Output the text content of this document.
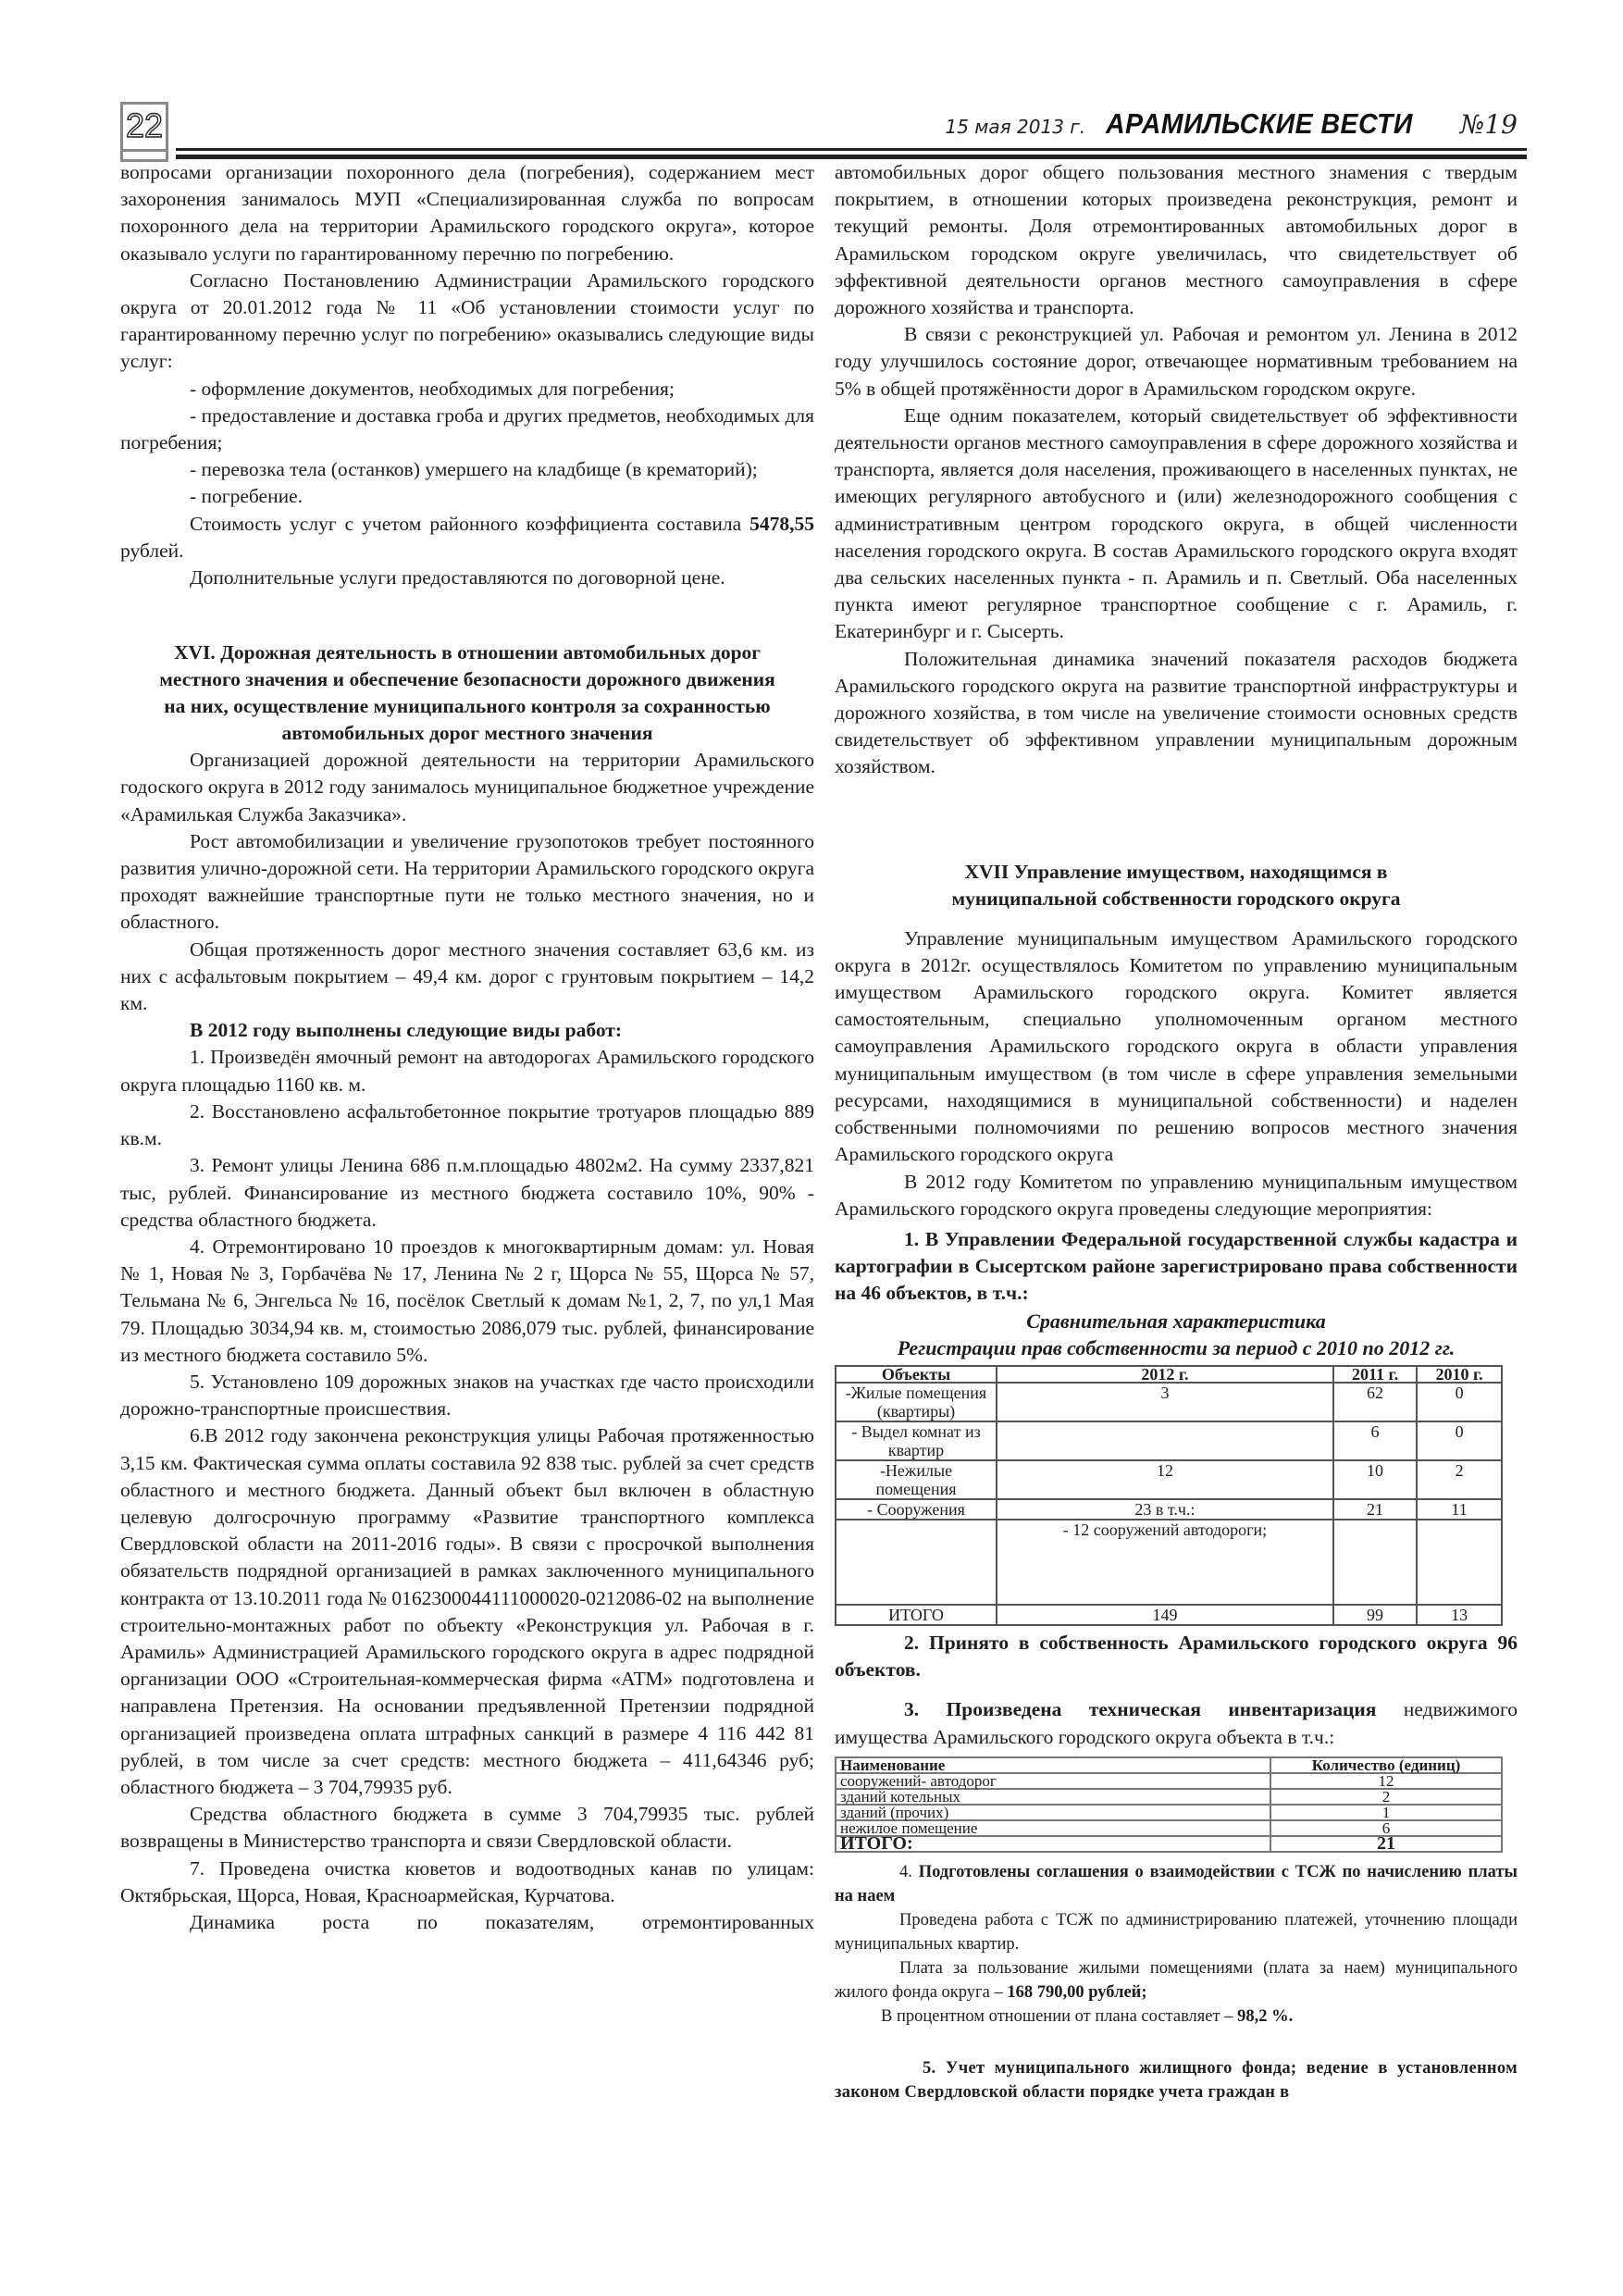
22	15 мая 2013 г. АРАМИЛЬСКИЕ ВЕСТИ №19

вопросами организации похоронного дела (погребения), содержанием мест захоронения занималось МУП «Специализированная служба по вопросам похоронного дела на территории Арамильского городского округа», которое оказывало услуги по гарантированному перечню по погребению.

Согласно Постановлению Администрации Арамильского городского округа от 20.01.2012 года № 11 «Об установлении стоимости услуг по гарантированному перечню услуг по погребению» оказывались следующие виды услуг:

- оформление документов, необходимых для погребения;

- предоставление и доставка гроба и других предметов, необходимых для погребения;

- перевозка тела (останков) умершего на кладбище (в крематорий);

- погребение.

Стоимость услуг с учетом районного коэффициента составила 5478,55 рублей.

Дополнительные услуги предоставляются по договорной цене.

XVI. Дорожная деятельность в отношении автомобильных дорог местного значения и обеспечение безопасности дорожного движения на них, осуществление муниципального контроля за сохранностью автомобильных дорог местного значения

Организацией дорожной деятельности на территории Арамильского годоского округа в 2012 году занималось муниципальное бюджетное учреждение «Арамилькая Служба Заказчика».

Рост автомобилизации и увеличение грузопотоков требует постоянного развития улично-дорожной сети. На территории Арамильского городского округа проходят важнейшие транспортные пути не только местного значения, но и областного.

Общая протяженность дорог местного значения составляет 63,6 км. из них с асфальтовым покрытием – 49,4 км. дорог с грунтовым покрытием – 14,2 км.

В 2012 году выполнены следующие виды работ:

1. Произведён ямочный ремонт на автодорогах Арамильского городского округа площадью 1160 кв. м.

2. Восстановлено асфальтобетонное покрытие тротуаров площадью 889 кв.м.

3. Ремонт улицы Ленина 686 п.м.площадью 4802м2. На сумму 2337,821 тыс, рублей. Финансирование из местного бюджета составило 10%, 90% - средства областного бюджета.

4. Отремонтировано 10 проездов к многоквартирным домам: ул. Новая № 1, Новая № 3, Горбачёва № 17, Ленина № 2 г, Щорса № 55, Щорса № 57, Тельмана № 6, Энгельса № 16, посёлок Светлый к домам №1, 2, 7, по ул,1 Мая 79. Площадью 3034,94 кв. м, стоимостью 2086,079 тыс. рублей, финансирование из местного бюджета составило 5%.

5. Установлено 109 дорожных знаков на участках где часто происходили дорожно-транспортные происшествия.

6.В 2012 году закончена реконструкция улицы Рабочая протяженностью 3,15 км. Фактическая сумма оплаты составила 92 838 тыс. рублей за счет средств областного и местного бюджета. Данный объект был включен в областную целевую долгосрочную программу «Развитие транспортного комплекса Свердловской области на 2011-2016 годы». В связи с просрочкой выполнения обязательств подрядной организацией в рамках заключенного муниципального контракта от 13.10.2011 года № 0162300044111000020-0212086-02 на выполнение строительно-монтажных работ по объекту «Реконструкция ул. Рабочая в г. Арамиль» Администрацией Арамильского городского округа в адрес подрядной организации ООО «Строительная-коммерческая фирма «АТМ» подготовлена и направлена Претензия. На основании предъявленной Претензии подрядной организацией произведена оплата штрафных санкций в размере 4 116 442 81 рублей, в том числе за счет средств: местного бюджета – 411,64346 руб; областного бюджета – 3 704,79935 руб.

Средства областного бюджета в сумме 3 704,79935 тыс. рублей возвращены в Министерство транспорта и связи Свердловской области.

7. Проведена очистка кюветов и водоотводных канав по улицам: Октябрьская, Щорса, Новая, Красноармейская, Курчатова.

Динамика роста по показателям, отремонтированных

автомобильных дорог общего пользования местного знамения с твердым покрытием, в отношении которых произведена реконструкция, ремонт и текущий ремонты. Доля отремонтированных автомобильных дорог в Арамильском городском округе увеличилась, что свидетельствует об эффективной деятельности органов местного самоуправления в сфере дорожного хозяйства и транспорта.

В связи с реконструкцией ул. Рабочая и ремонтом ул. Ленина в 2012 году улучшилось состояние дорог, отвечающее нормативным требованием на 5% в общей протяжённости дорог в Арамильском городском округе.

Еще одним показателем, который свидетельствует об эффективности деятельности органов местного самоуправления в сфере дорожного хозяйства и транспорта, является доля населения, проживающего в населенных пунктах, не имеющих регулярного автобусного и (или) железнодорожного сообщения с административным центром городского округа, в общей численности населения городского округа. В состав Арамильского городского округа входят два сельских населенных пункта - п. Арамиль и п. Светлый. Оба населенных пункта имеют регулярное транспортное сообщение с г. Арамиль, г. Екатеринбург и г. Сысерть.

Положительная динамика значений показателя расходов бюджета Арамильского городского округа на развитие транспортной инфраструктуры и дорожного хозяйства, в том числе на увеличение стоимости основных средств свидетельствует об эффективном управлении муниципальным дорожным хозяйством.

XVII Управление имуществом, находящимся в
муниципальной собственности городского округа

Управление муниципальным имуществом Арамильского городского округа в 2012г. осуществлялось Комитетом по управлению муниципальным имуществом Арамильского городского округа. Комитет является самостоятельным, специально уполномоченным органом местного самоуправления Арамильского городского округа в области управления муниципальным имуществом (в том числе в сфере управления земельными ресурсами, находящимися в муниципальной собственности) и наделен собственными полномочиями по решению вопросов местного значения Арамильского городского округа

В 2012 году Комитетом по управлению муниципальным имуществом Арамильского городского округа проведены следующие мероприятия:

1. В Управлении Федеральной государственной службы кадастра и картографии в Сысертском районе зарегистрировано права собственности на 46 объектов, в т.ч.:

Сравнительная характеристика

Регистрации прав собственности за период с 2010 по 2012 гг.

Объекты	2012 г.	2011 г.	2010 г.
-Жилые помещения (квартиры)	3	62	0
- Выдел комнат из квартир		6	0
-Нежилые помещения	12	10	2
- Сооружения	23 в т.ч.:	21	11
	- 12 сооружений автодороги;		
ИТОГО	149	99	13

2. Принято в собственность Арамильского городского округа 96 объектов.

3. Произведена техническая инвентаризация недвижимого имущества Арамильского городского округа объекта в т.ч.:

Наименование	Количество (единиц)
сооружений- автодорог	12
зданий котельных	2
зданий (прочих)	1
нежилое помещение	6
ИТОГО:	21

4. Подготовлены соглашения о взаимодействии с ТСЖ по начислению платы на наем

Проведена работа с ТСЖ по администрированию платежей, уточнению площади муниципальных квартир.

Плата за пользование жилыми помещениями (плата за наем) муниципального жилого фонда округа – 168 790,00 рублей;

В процентном отношении от плана составляет – 98,2 %.

5. Учет муниципального жилищного фонда; ведение в установленном законом Свердловской области порядке учета граждан в
